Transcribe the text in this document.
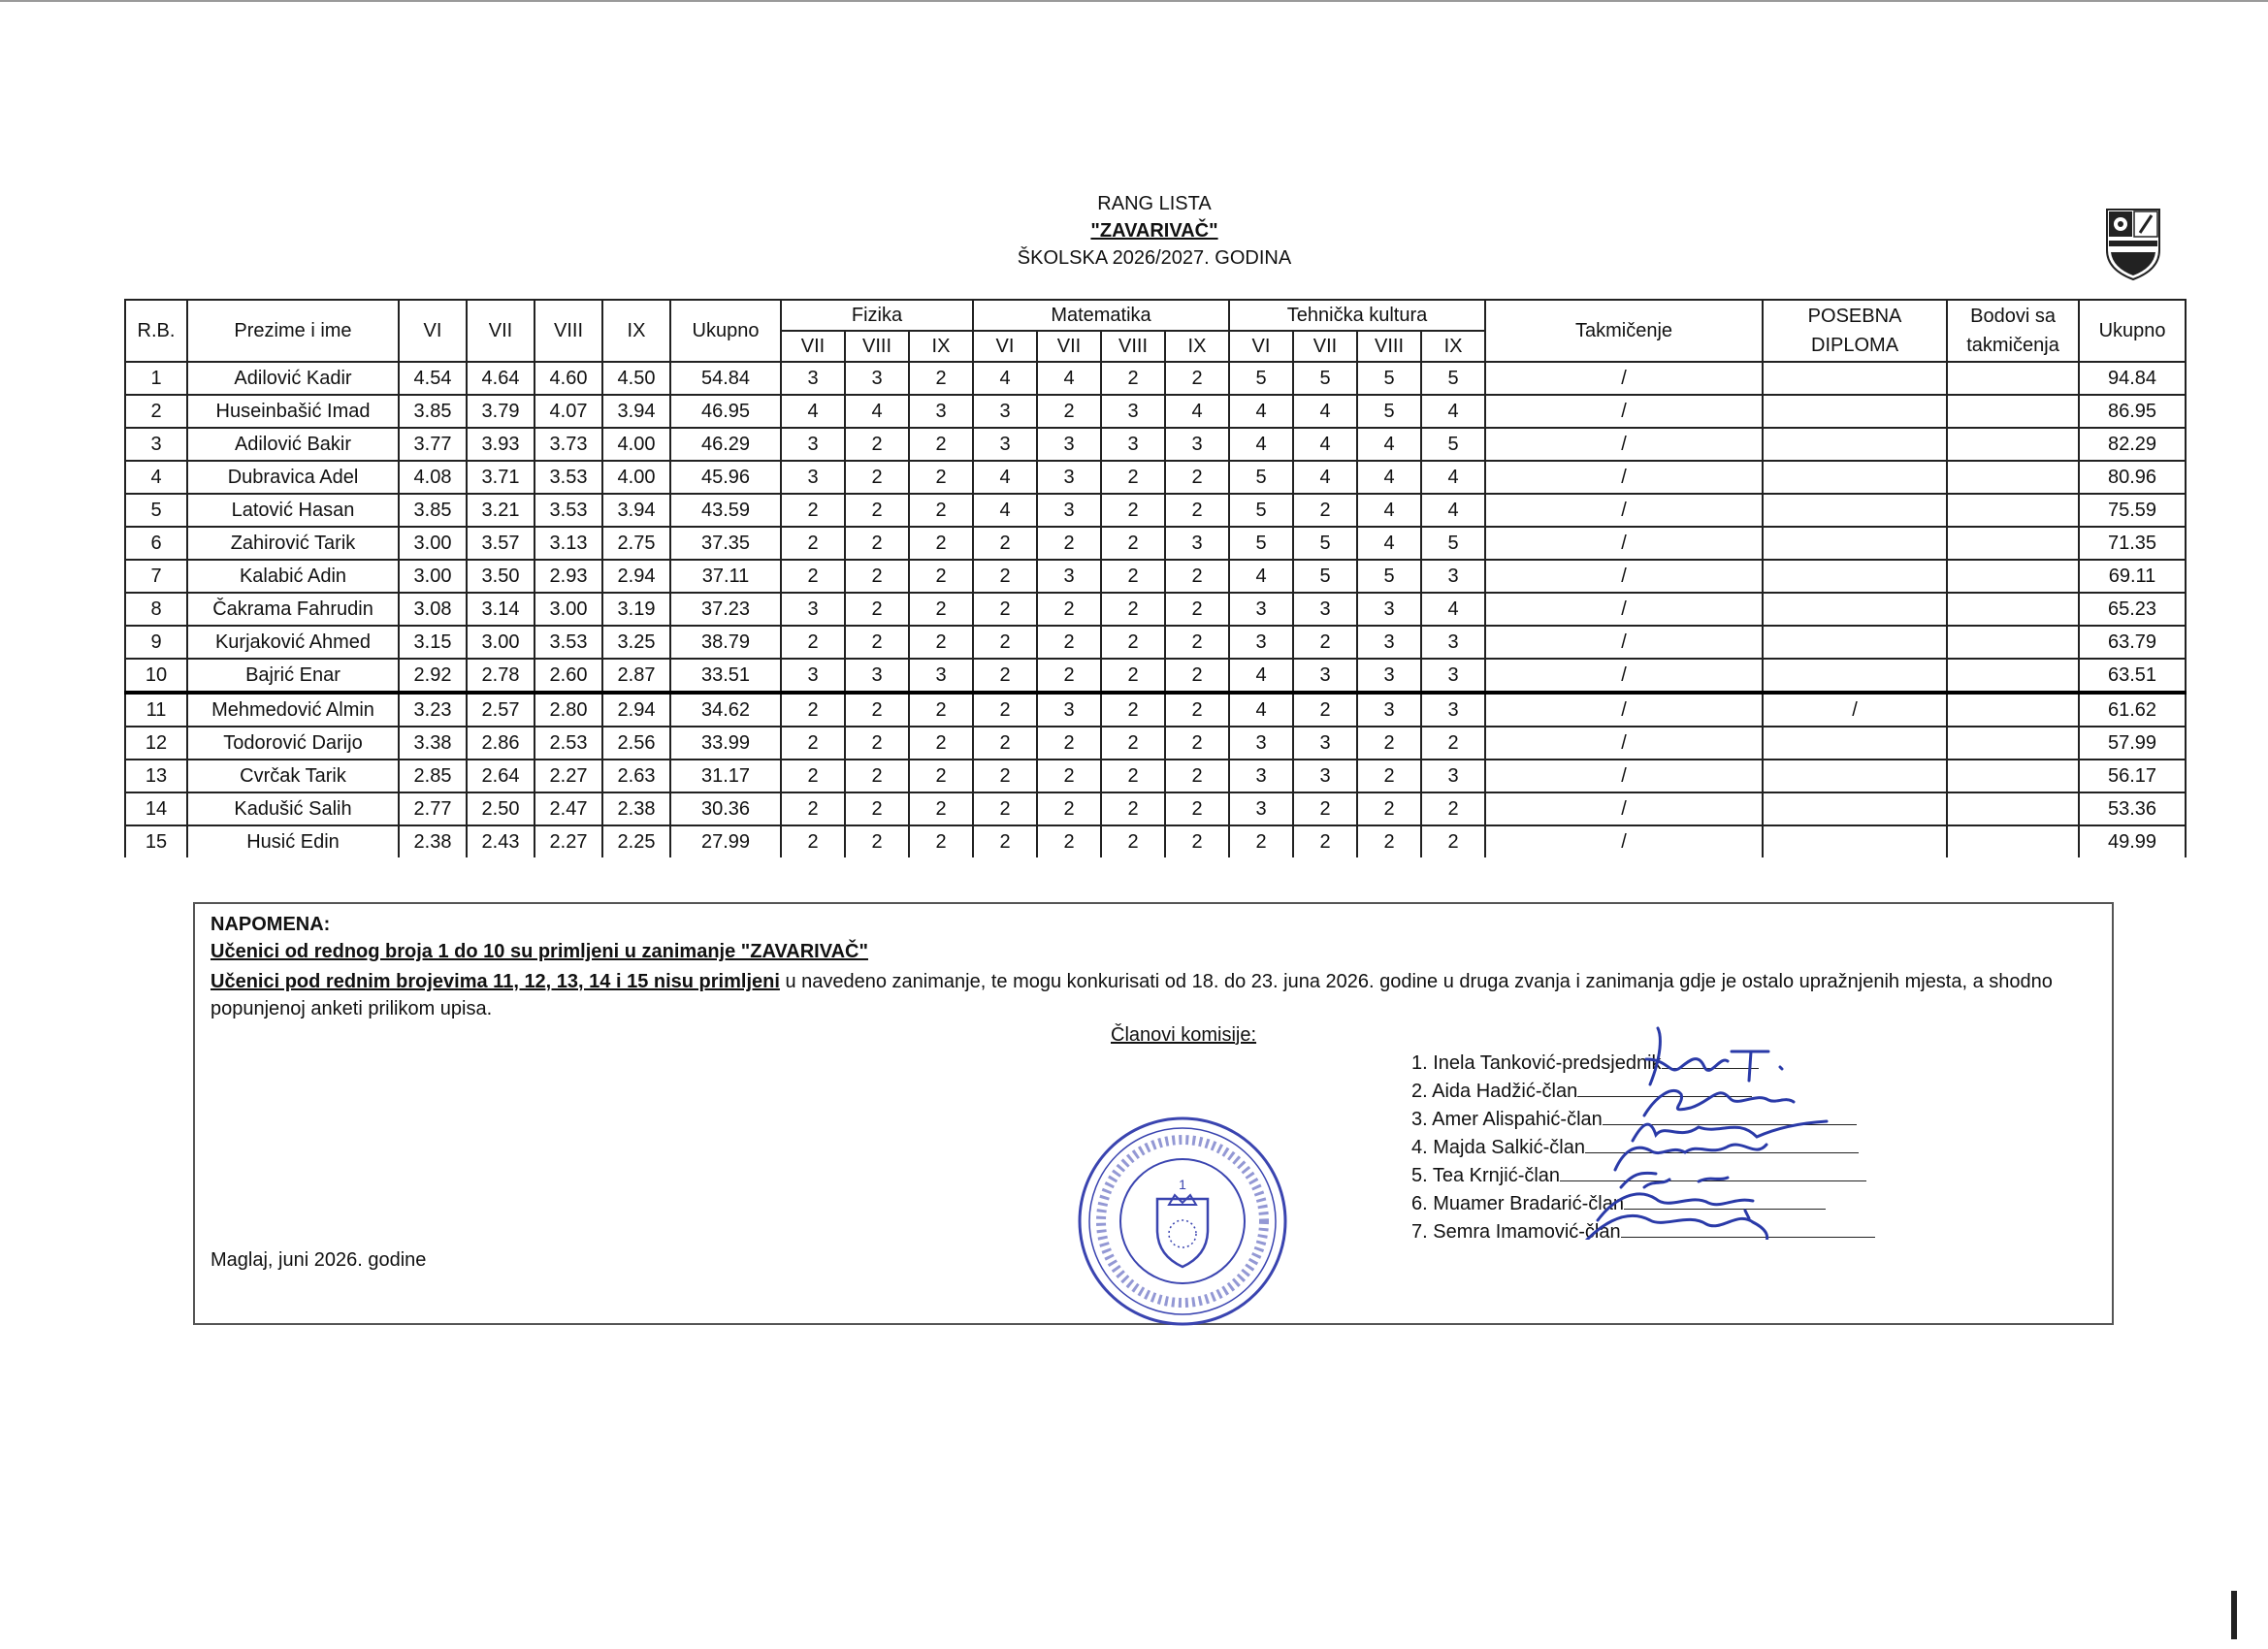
RANG LISTA
"ZAVARIVAČ"
ŠKOLSKA 2026/2027. GODINA
R.B.	Prezime i ime	VI	VII	VIII	IX	Ukupno	Fizika			Matematika				Tehnička kultura				Takmičenje	POSEBNA DIPLOMA	Bodovi sa takmičenja	Ukupno
							VII	VIII	IX	VI	VII	VIII	IX	VI	VII	VIII	IX				
1	Adilović Kadir	4.54	4.64	4.60	4.50	54.84	3	3	2	4	4	2	2	5	5	5	5	/			94.84
2	Huseinbašić Imad	3.85	3.79	4.07	3.94	46.95	4	4	3	3	2	3	4	4	4	5	4	/			86.95
3	Adilović Bakir	3.77	3.93	3.73	4.00	46.29	3	2	2	3	3	3	3	4	4	4	5	/			82.29
4	Dubravica Adel	4.08	3.71	3.53	4.00	45.96	3	2	2	4	3	2	2	5	4	4	4	/			80.96
5	Latović Hasan	3.85	3.21	3.53	3.94	43.59	2	2	2	4	3	2	2	5	2	4	4	/			75.59
6	Zahirović Tarik	3.00	3.57	3.13	2.75	37.35	2	2	2	2	2	2	3	5	5	4	5	/			71.35
7	Kalabić Adin	3.00	3.50	2.93	2.94	37.11	2	2	2	2	3	2	2	4	5	5	3	/			69.11
8	Čakrama Fahrudin	3.08	3.14	3.00	3.19	37.23	3	2	2	2	2	2	2	3	3	3	4	/			65.23
9	Kurjaković Ahmed	3.15	3.00	3.53	3.25	38.79	2	2	2	2	2	2	2	3	2	3	3	/			63.79
10	Bajrić Enar	2.92	2.78	2.60	2.87	33.51	3	3	3	2	2	2	2	4	3	3	3	/			63.51
11	Mehmedović Almin	3.23	2.57	2.80	2.94	34.62	2	2	2	2	3	2	2	4	2	3	3	/	/		61.62
12	Todorović Darijo	3.38	2.86	2.53	2.56	33.99	2	2	2	2	2	2	2	3	3	2	2	/			57.99
13	Cvrčak Tarik	2.85	2.64	2.27	2.63	31.17	2	2	2	2	2	2	2	3	3	2	3	/			56.17
14	Kadušić Salih	2.77	2.50	2.47	2.38	30.36	2	2	2	2	2	2	2	3	2	2	2	/			53.36
15	Husić Edin	2.38	2.43	2.27	2.25	27.99	2	2	2	2	2	2	2	2	2	2	2	/			49.99
NAPOMENA:
Učenici od rednog broja 1 do 10 su primljeni u zanimanje "ZAVARIVAČ"
Učenici pod rednim brojevima 11, 12, 13, 14 i 15 nisu primljeni u navedeno zanimanje, te mogu konkurisati od 18. do 23. juna 2026. godine u druga zvanja i zanimanja gdje je ostalo upražnjenih mjesta, a shodno popunjenoj anketi prilikom upisa.
Članovi komisije:
1
1. Inela Tanković-predsjednik
2. Aida Hadžić-član
3. Amer Alispahić-član
4. Majda Salkić-član
5. Tea Krnjić-član
6. Muamer Bradarić-član
7. Semra Imamović-član
Maglaj, juni 2026. godine
